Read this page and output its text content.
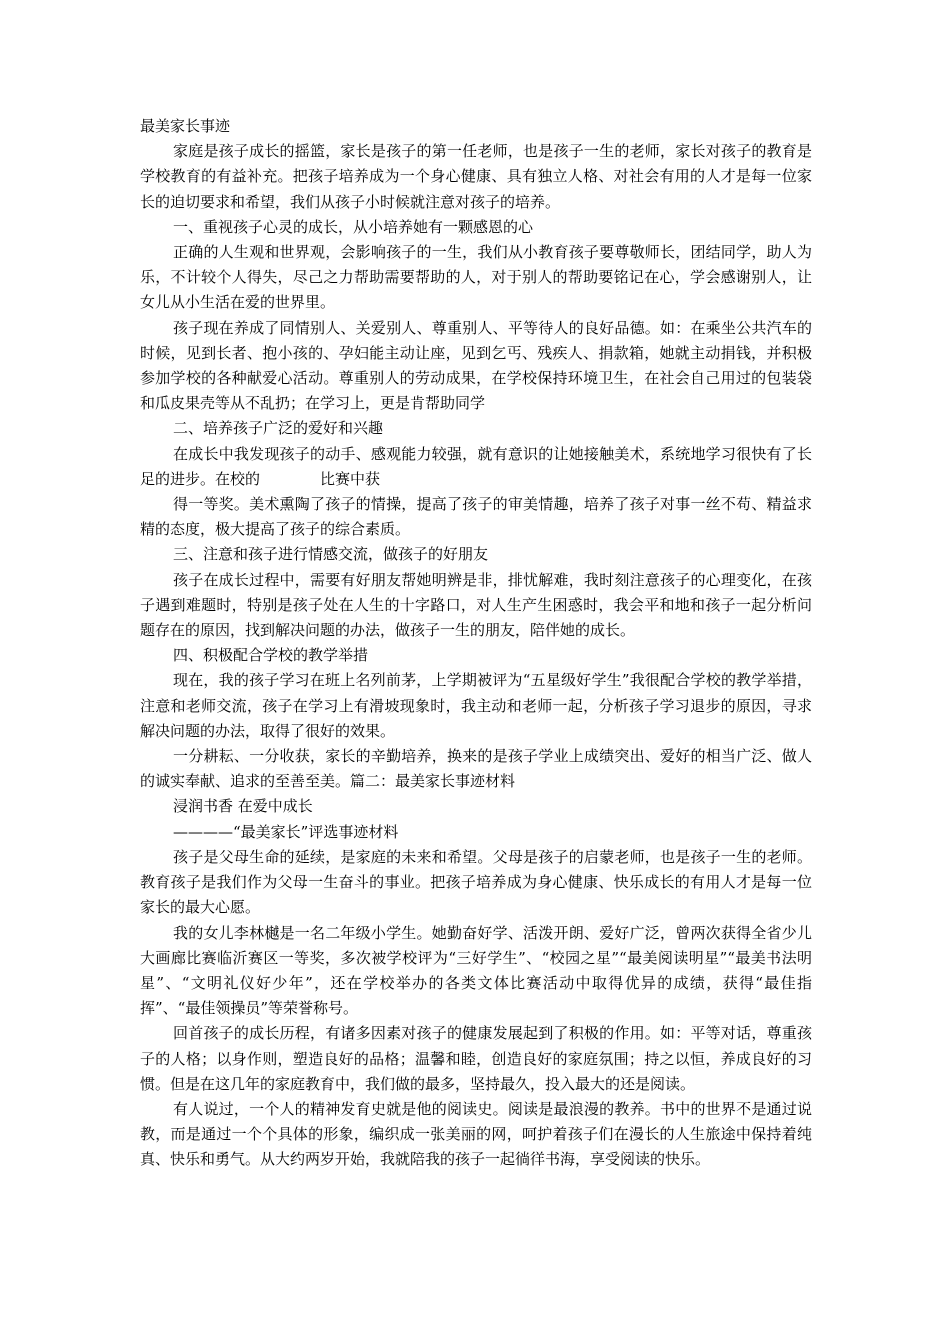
最美家长事迹

家庭是孩子成长的摇篮，家长是孩子的第一任老师，也是孩子一生的老师，家长对孩子的教育是学校教育的有益补充。把孩子培养成为一个身心健康、具有独立人格、对社会有用的人才是每一位家长的迫切要求和希望，我们从孩子小时候就注意对孩子的培养。

一、重视孩子心灵的成长，从小培养她有一颗感恩的心

正确的人生观和世界观，会影响孩子的一生，我们从小教育孩子要尊敬师长，团结同学，助人为乐，不计较个人得失，尽己之力帮助需要帮助的人，对于别人的帮助要铭记在心，学会感谢别人，让女儿从小生活在爱的世界里。

孩子现在养成了同情别人、关爱别人、尊重别人、平等待人的良好品德。如：在乘坐公共汽车的时候，见到长者、抱小孩的、孕妇能主动让座，见到乞丐、残疾人、捐款箱，她就主动捐钱，并积极参加学校的各种献爱心活动。尊重别人的劳动成果，在学校保持环境卫生，在社会自己用过的包装袋和瓜皮果壳等从不乱扔；在学习上，更是肯帮助同学

二、培养孩子广泛的爱好和兴趣

在成长中我发现孩子的动手、感观能力较强，就有意识的让她接触美术，系统地学习很快有了长足的进步。在校的	比赛中获

得一等奖。美术熏陶了孩子的情操，提高了孩子的审美情趣，培养了孩子对事一丝不苟、精益求精的态度，极大提高了孩子的综合素质。

三、注意和孩子进行情感交流，做孩子的好朋友

孩子在成长过程中，需要有好朋友帮她明辨是非，排忧解难，我时刻注意孩子的心理变化，在孩子遇到难题时，特别是孩子处在人生的十字路口，对人生产生困惑时，我会平和地和孩子一起分析问题存在的原因，找到解决问题的办法，做孩子一生的朋友，陪伴她的成长。

四、积极配合学校的教学举措

现在，我的孩子学习在班上名列前茅，上学期被评为“五星级好学生”我很配合学校的教学举措，注意和老师交流，孩子在学习上有滑坡现象时，我主动和老师一起，分析孩子学习退步的原因，寻求解决问题的办法，取得了很好的效果。

一分耕耘、一分收获，家长的辛勤培养，换来的是孩子学业上成绩突出、爱好的相当广泛、做人的诚实奉献、追求的至善至美。篇二：最美家长事迹材料

浸润书香 在爱中成长

————“最美家长”评选事迹材料

孩子是父母生命的延续，是家庭的未来和希望。父母是孩子的启蒙老师，也是孩子一生的老师。教育孩子是我们作为父母一生奋斗的事业。把孩子培养成为身心健康、快乐成长的有用人才是每一位家长的最大心愿。

我的女儿李林樾是一名二年级小学生。她勤奋好学、活泼开朗、爱好广泛，曾两次获得全省少儿大画廊比赛临沂赛区一等奖，多次被学校评为“三好学生”、“校园之星”“最美阅读明星”“最美书法明星”、“文明礼仪好少年”，还在学校举办的各类文体比赛活动中取得优异的成绩，获得“最佳指挥”、“最佳领操员”等荣誉称号。

回首孩子的成长历程，有诸多因素对孩子的健康发展起到了积极的作用。如：平等对话，尊重孩子的人格；以身作则，塑造良好的品格；温馨和睦，创造良好的家庭氛围；持之以恒，养成良好的习惯。但是在这几年的家庭教育中，我们做的最多，坚持最久，投入最大的还是阅读。

有人说过，一个人的精神发育史就是他的阅读史。阅读是最浪漫的教养。书中的世界不是通过说教，而是通过一个个具体的形象，编织成一张美丽的网，呵护着孩子们在漫长的人生旅途中保持着纯真、快乐和勇气。从大约两岁开始，我就陪我的孩子一起徜徉书海，享受阅读的快乐。
